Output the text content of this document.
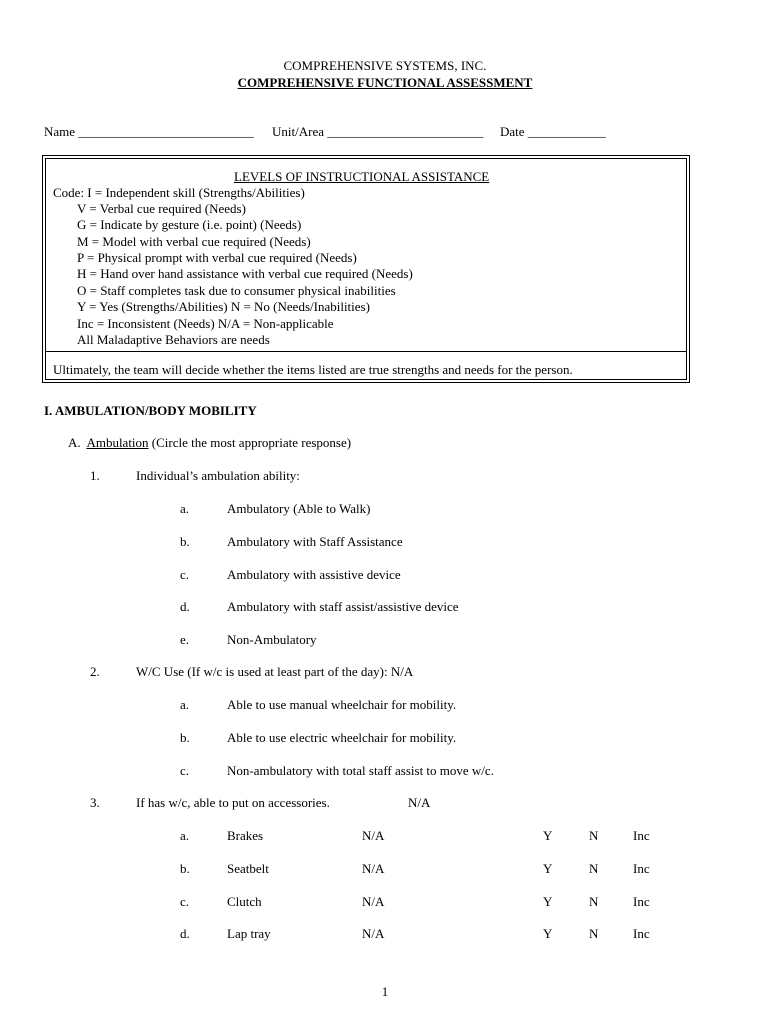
COMPREHENSIVE SYSTEMS, INC.
COMPREHENSIVE FUNCTIONAL ASSESSMENT
Name ___________________________ Unit/Area ________________________ Date ____________
LEVELS OF INSTRUCTIONAL ASSISTANCE
Code: I = Independent skill (Strengths/Abilities)
V = Verbal cue required (Needs)
G = Indicate by gesture (i.e. point) (Needs)
M = Model with verbal cue required (Needs)
P = Physical prompt with verbal cue required (Needs)
H = Hand over hand assistance with verbal cue required (Needs)
O = Staff completes task due to consumer physical inabilities
Y = Yes (Strengths/Abilities) N = No (Needs/Inabilities)
Inc = Inconsistent (Needs) N/A = Non-applicable
All Maladaptive Behaviors are needs
Ultimately, the team will decide whether the items listed are true strengths and needs for the person.
I. AMBULATION/BODY MOBILITY
A. Ambulation (Circle the most appropriate response)
1.	Individual’s ambulation ability:
a.	Ambulatory (Able to Walk)
b.	Ambulatory with Staff Assistance
c.	Ambulatory with assistive device
d.	Ambulatory with staff assist/assistive device
e.	Non-Ambulatory
2.	W/C Use (If w/c is used at least part of the day): N/A
a.	Able to use manual wheelchair for mobility.
b.	Able to use electric wheelchair for mobility.
c.	Non-ambulatory with total staff assist to move w/c.
3.	If has w/c, able to put on accessories.	N/A
a.	Brakes	N/A	Y	N	Inc
b.	Seatbelt	N/A	Y	N	Inc
c.	Clutch	N/A	Y	N	Inc
d.	Lap tray	N/A	Y	N	Inc
1
